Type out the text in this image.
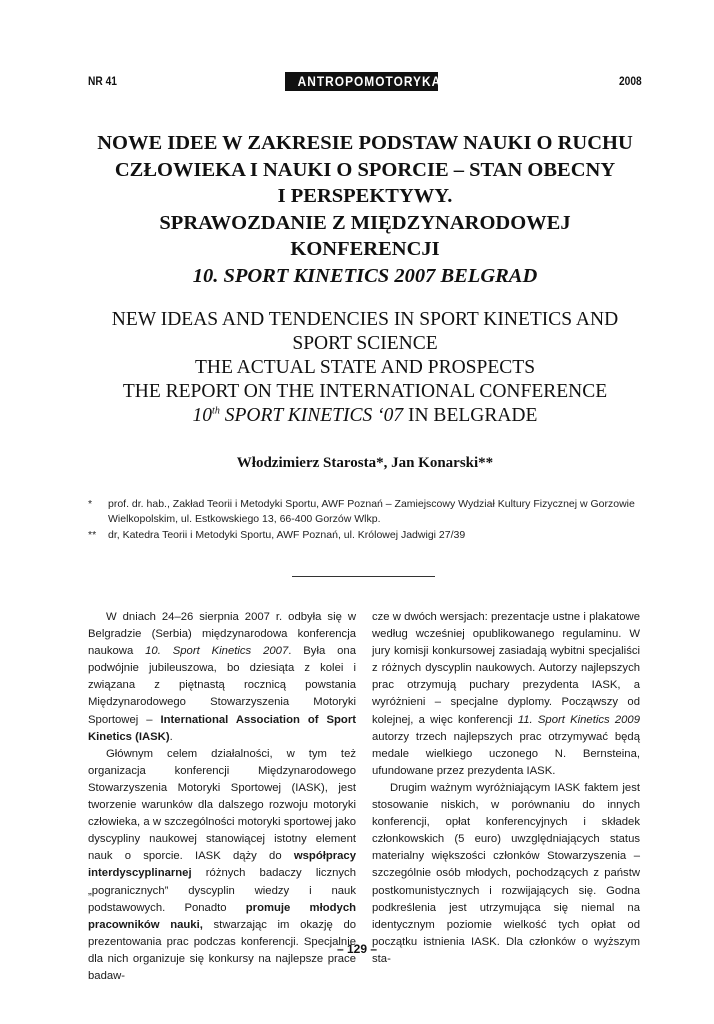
NR 41	ANTROPOMOTORYKA	2008
NOWE IDEE W ZAKRESIE PODSTAW NAUKI O RUCHU
CZŁOWIEKA I NAUKI O SPORCIE – STAN OBECNY
I PERSPEKTYWY.
SPRAWOZDANIE Z MIĘDZYNARODOWEJ
KONFERENCJI
10. SPORT KINETICS 2007 BELGRAD
NEW IDEAS AND TENDENCIES IN SPORT KINETICS AND
SPORT SCIENCE
THE ACTUAL STATE AND PROSPECTS
THE REPORT ON THE INTERNATIONAL CONFERENCE
10th SPORT KINETICS ‘07 IN BELGRADE
Włodzimierz Starosta*, Jan Konarski**
* prof. dr. hab., Zakład Teorii i Metodyki Sportu, AWF Poznań – Zamiejscowy Wydział Kultury Fizycznej w Gorzowie Wielkopolskim, ul. Estkowskiego 13, 66-400 Gorzów Wlkp.
** dr, Katedra Teorii i Metodyki Sportu, AWF Poznań, ul. Królowej Jadwigi 27/39

W dniach 24–26 sierpnia 2007 r. odbyła się w Belgradzie (Serbia) międzynarodowa konferencja naukowa 10. Sport Kinetics 2007. Była ona podwójnie jubileuszowa, bo dziesiąta z kolei i związana z piętnastą rocznicą powstania Międzynarodowego Stowarzyszenia Motoryki Sportowej – International Association of Sport Kinetics (IASK).

Głównym celem działalności, w tym też organizacja konferencji Międzynarodowego Stowarzyszenia Motoryki Sportowej (IASK), jest tworzenie warunków dla dalszego rozwoju motoryki człowieka, a w szczególności motoryki sportowej jako dyscypliny naukowej stanowiącej istotny element nauk o sporcie. IASK dąży do współpracy interdyscyplinarnej różnych badaczy licznych „pogranicznych” dyscyplin wiedzy i nauk podstawowych. Ponadto promuje młodych pracowników nauki, stwarzając im okazję do prezentowania prac podczas konferencji. Specjalnie dla nich organizuje się konkursy na najlepsze prace badaw-

cze w dwóch wersjach: prezentacje ustne i plakatowe według wcześniej opublikowanego regulaminu. W jury komisji konkursowej zasiadają wybitni specjaliści z różnych dyscyplin naukowych. Autorzy najlepszych prac otrzymują puchary prezydenta IASK, a wyróżnieni – specjalne dyplomy. Począwszy od kolejnej, a więc konferencji 11. Sport Kinetics 2009 autorzy trzech najlepszych prac otrzymywać będą medale wielkiego uczonego N. Bernsteina, ufundowane przez prezydenta IASK.

Drugim ważnym wyróżniającym IASK faktem jest stosowanie niskich, w porównaniu do innych konferencji, opłat konferencyjnych i składek członkowskich (5 euro) uwzględniających status materialny większości członków Stowarzyszenia – szczególnie osób młodych, pochodzących z państw postkomunistycznych i rozwijających się. Godna podkreślenia jest utrzymująca się niemal na identycznym poziomie wielkość tych opłat od początku istnienia IASK. Dla członków o wyższym sta-

– 129 –
